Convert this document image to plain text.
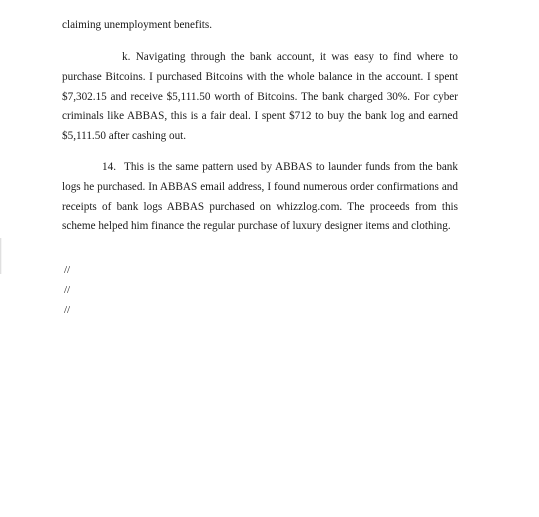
claiming unemployment benefits.

k. Navigating through the bank account, it was easy to find where to purchase Bitcoins. I purchased Bitcoins with the whole balance in the account. I spent $7,302.15 and receive $5,111.50 worth of Bitcoins. The bank charged 30%. For cyber criminals like ABBAS, this is a fair deal. I spent $712 to buy the bank log and earned $5,111.50 after cashing out.

14. This is the same pattern used by ABBAS to launder funds from the bank logs he purchased. In ABBAS email address, I found numerous order confirmations and receipts of bank logs ABBAS purchased on whizzlog.com. The proceeds from this scheme helped him finance the regular purchase of luxury designer items and clothing.

//
//
//
